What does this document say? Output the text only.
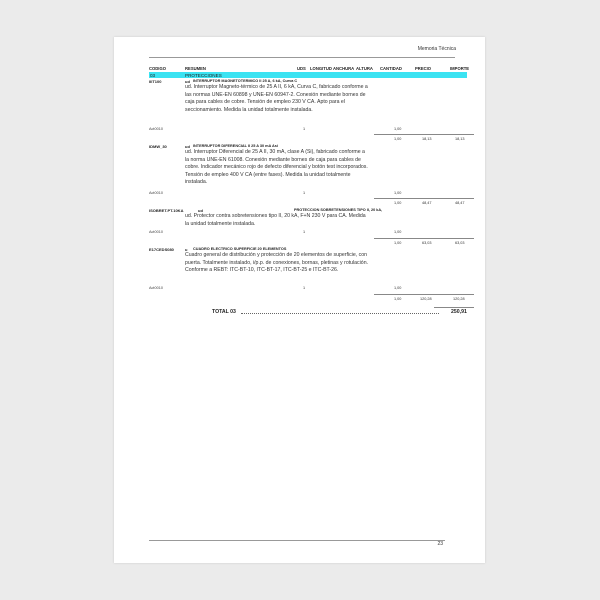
Memoria Técnica
CODIGO	RESUMEN	UDS LONGITUD ANCHURA ALTURA CANTIDAD	PRECIO	IMPORTE
03	PROTECCIONES
IIIT100	ud INTERRUPTOR MAGNETOTERMICO II 25 A, 6 kA, Curva C
ud. Interruptor Magneto-térmico de 25 A II, 6 kA, Curva C, fabricado conforme a las normas UNE-EN 60898 y UNE-EN 60947-2. Conexión mediante bornes de caja para cables de cobre. Tensión de empleo 230 V CA. Apto para el seccionamiento. Medida la unidad totalmente instalada.
Act0010	1	1,00
1,00	18,13	18,13
IDMW_30	ud INTERRUPTOR DIFERENCIAL II 25 A 30 mA Asi
ud. Interruptor Diferencial de 25 A II, 30 mA, clase A (Si), fabricado conforme a la norma UNE-EN 61008. Conexión mediante bornes de caja para cables de cobre. Indicador mecánico rojo de defecto diferencial y botón test incorporados. Tensión de empleo 400 V CA (entre fases). Medida la unidad totalmente instalada.
Act0010	1	1,00
1,00	48,47	48,47
ISOBRET.PT.10KA	ud	PROTECCION SOBRETENSIONES TIPO II, 20 kA,
ud. Protector contra sobretensiones tipo II, 20 kA, F+N 230 V para CA. Medida la unidad totalmente instalada.
Act0010	1	1,00
1,00	63,03	63,03
E17CEDS080	u CUADRO ELECTRICO SUPERFICIE 20 ELEMENTOS
Cuadro general de distribución y protección de 20 elementos de superficie, con puerta. Totalmente instalado, i/p.p. de conexiones, bornas, pletinas y rotulación. Conforme a REBT: ITC-BT-10, ITC-BT-17, ITC-BT-25 e ITC-BT-26.
Act0010	1	1,00
1,00	120,28	120,28
TOTAL 03	250,91
23
